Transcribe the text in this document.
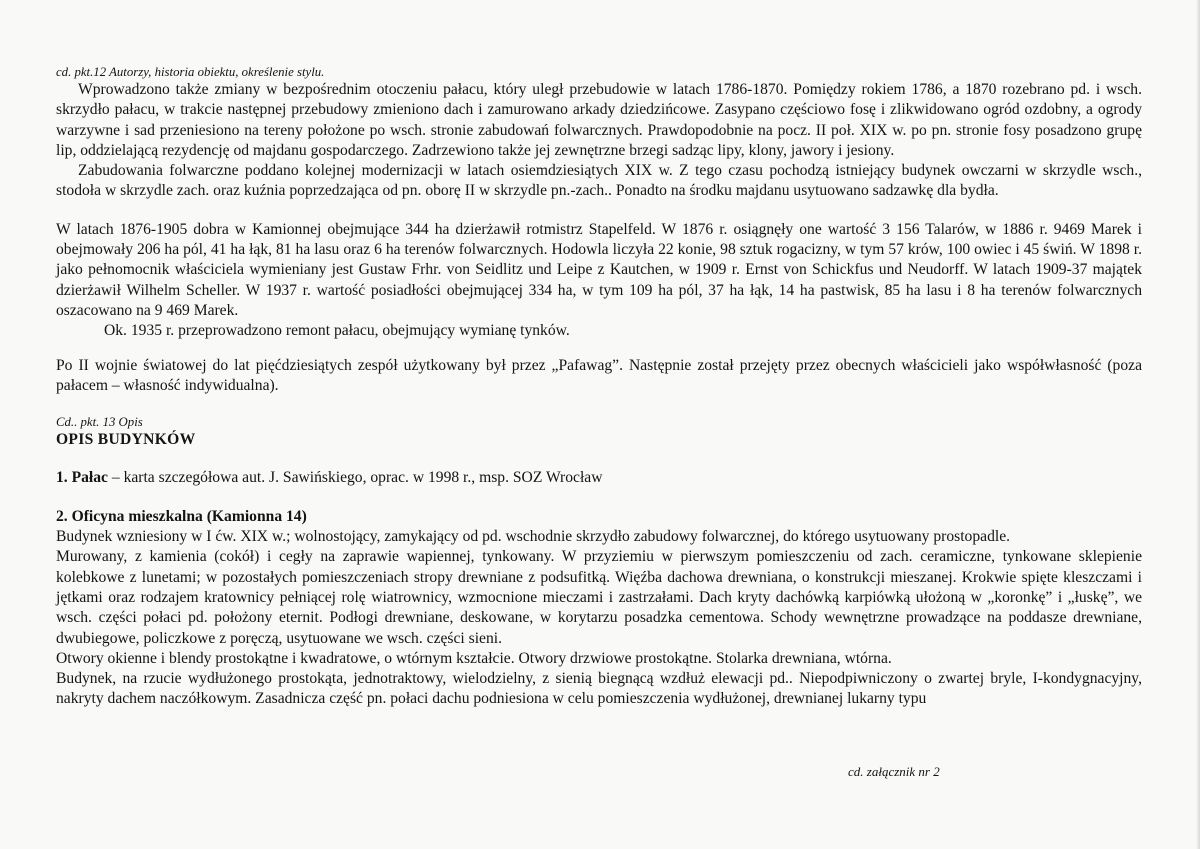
cd. pkt.12 Autorzy, historia obiektu, określenie stylu.

Wprowadzono także zmiany w bezpośrednim otoczeniu pałacu, który uległ przebudowie w latach 1786-1870. Pomiędzy rokiem 1786, a 1870 rozebrano pd. i wsch. skrzydło pałacu, w trakcie następnej przebudowy zmieniono dach i zamurowano arkady dziedzińcowe. Zasypano częściowo fosę i zlikwidowano ogród ozdobny, a ogrody warzywne i sad przeniesiono na tereny położone po wsch. stronie zabudowań folwarcznych. Prawdopodobnie na pocz. II poł. XIX w. po pn. stronie fosy posadzono grupę lip, oddzielającą rezydencję od majdanu gospodarczego. Zadrzewiono także jej zewnętrzne brzegi sadząc lipy, klony, jawory i jesiony.

Zabudowania folwarczne poddano kolejnej modernizacji w latach osiemdziesiątych XIX w. Z tego czasu pochodzą istniejący budynek owczarni w skrzydle wsch., stodoła w skrzydle zach. oraz kuźnia poprzedzająca od pn. oborę II w skrzydle pn.-zach.. Ponadto na środku majdanu usytuowano sadzawkę dla bydła.

W latach 1876-1905 dobra w Kamionnej obejmujące 344 ha dzierżawił rotmistrz Stapelfeld. W 1876 r. osiągnęły one wartość 3 156 Talarów, w 1886 r. 9469 Marek i obejmowały 206 ha pól, 41 ha łąk, 81 ha lasu oraz 6 ha terenów folwarcznych. Hodowla liczyła 22 konie, 98 sztuk rogacizny, w tym 57 krów, 100 owiec i 45 świń. W 1898 r. jako pełnomocnik właściciela wymieniany jest Gustaw Frhr. von Seidlitz und Leipe z Kautchen, w 1909 r. Ernst von Schickfus und Neudorff. W latach 1909-37 majątek dzierżawił Wilhelm Scheller. W 1937 r. wartość posiadłości obejmującej 334 ha, w tym 109 ha pól, 37 ha łąk, 14 ha pastwisk, 85 ha lasu i 8 ha terenów folwarcznych oszacowano na 9 469 Marek.

Ok. 1935 r. przeprowadzono remont pałacu, obejmujący wymianę tynków.

Po II wojnie światowej do lat pięćdziesiątych zespół użytkowany był przez „Pafawag”. Następnie został przejęty przez obecnych właścicieli jako współwłasność (poza pałacem – własność indywidualna).

Cd.. pkt. 13 Opis

OPIS BUDYNKÓW

1. Pałac – karta szczegółowa aut. J. Sawińskiego, oprac. w 1998 r., msp. SOZ Wrocław

2. Oficyna mieszkalna (Kamionna 14)

Budynek wzniesiony w I ćw. XIX w.; wolnostojący, zamykający od pd. wschodnie skrzydło zabudowy folwarcznej, do którego usytuowany prostopadle.

Murowany, z kamienia (cokół) i cegły na zaprawie wapiennej, tynkowany. W przyziemiu w pierwszym pomieszczeniu od zach. ceramiczne, tynkowane sklepienie kolebkowe z lunetami; w pozostałych pomieszczeniach stropy drewniane z podsufitką. Więźba dachowa drewniana, o konstrukcji mieszanej. Krokwie spięte kleszczami i jętkami oraz rodzajem kratownicy pełniącej rolę wiatrownicy, wzmocnione mieczami i zastrzałami. Dach kryty dachówką karpiówką ułożoną w „koronkę” i „łuskę”, we wsch. części połaci pd. położony eternit. Podłogi drewniane, deskowane, w korytarzu posadzka cementowa. Schody wewnętrzne prowadzące na poddasze drewniane, dwubiegowe, policzkowe z poręczą, usytuowane we wsch. części sieni.

Otwory okienne i blendy prostokątne i kwadratowe, o wtórnym kształcie. Otwory drzwiowe prostokątne. Stolarka drewniana, wtórna.

Budynek, na rzucie wydłużonego prostokąta, jednotraktowy, wielodzielny, z sienią biegnącą wzdłuż elewacji pd.. Niepodpiwniczony o zwartej bryle, I-kondygnacyjny, nakryty dachem naczółkowym. Zasadnicza część pn. połaci dachu podniesiona w celu pomieszczenia wydłużonej, drewnianej lukarny typu

cd. załącznik nr 2
